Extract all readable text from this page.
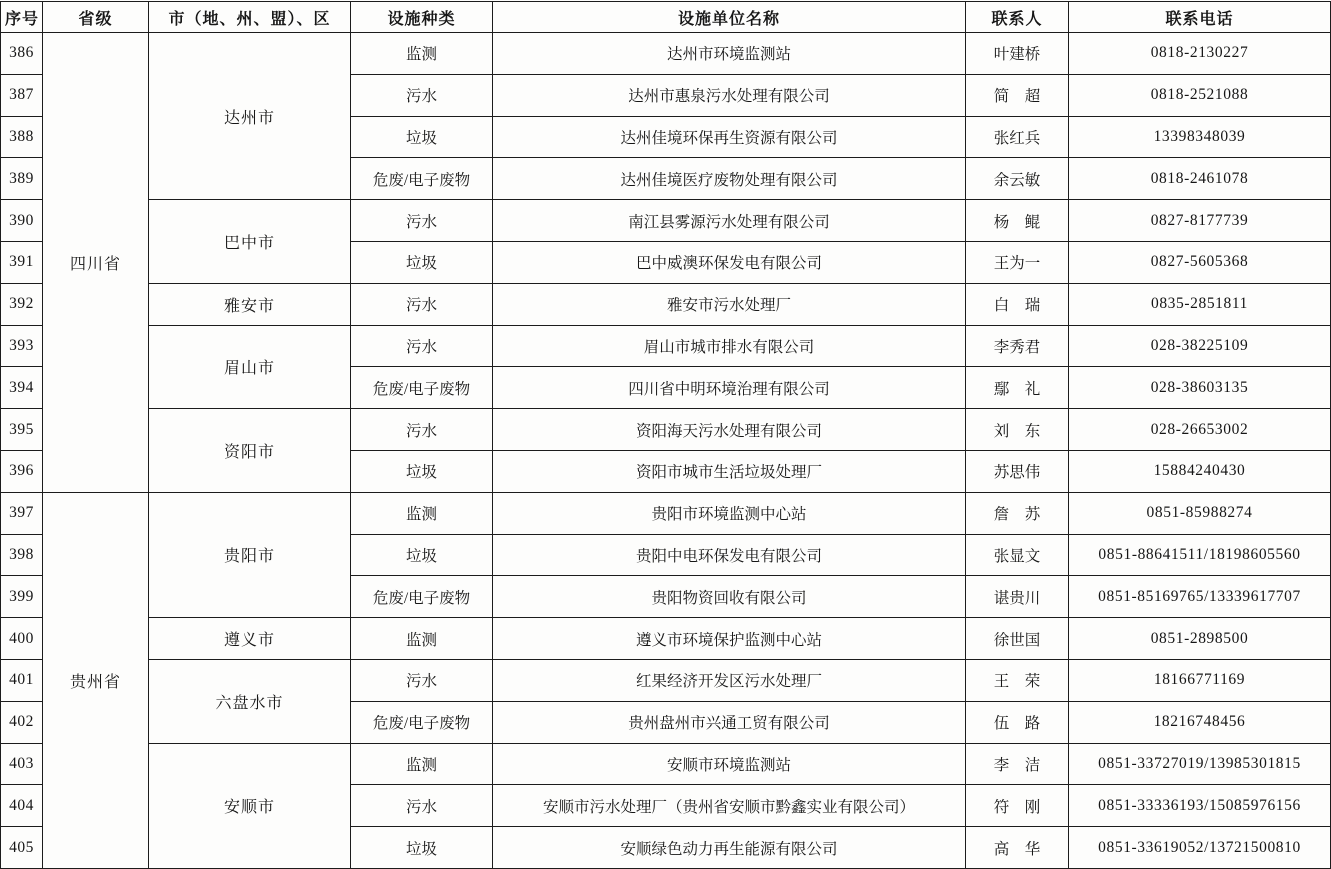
序号	省级	市（地、州、盟）、区	设施种类	设施单位名称	联系人	联系电话
386	四川省	达州市	监测	达州市环境监测站	叶建桥	0818-2130227
387			污水	达州市惠泉污水处理有限公司	简　超	0818-2521088
388			垃圾	达州佳境环保再生资源有限公司	张红兵	13398348039
389			危废/电子废物	达州佳境医疗废物处理有限公司	余云敏	0818-2461078
390		巴中市	污水	南江县雾源污水处理有限公司	杨　鲲	0827-8177739
391			垃圾	巴中威澳环保发电有限公司	王为一	0827-5605368
392		雅安市	污水	雅安市污水处理厂	白　瑞	0835-2851811
393		眉山市	污水	眉山市城市排水有限公司	李秀君	028-38225109
394			危废/电子废物	四川省中明环境治理有限公司	鄢　礼	028-38603135
395		资阳市	污水	资阳海天污水处理有限公司	刘　东	028-26653002
396			垃圾	资阳市城市生活垃圾处理厂	苏思伟	15884240430
397	贵州省	贵阳市	监测	贵阳市环境监测中心站	詹　苏	0851-85988274
398			垃圾	贵阳中电环保发电有限公司	张显文	0851-88641511/18198605560
399			危废/电子废物	贵阳物资回收有限公司	谌贵川	0851-85169765/13339617707
400		遵义市	监测	遵义市环境保护监测中心站	徐世国	0851-2898500
401		六盘水市	污水	红果经济开发区污水处理厂	王　荣	18166771169
402			危废/电子废物	贵州盘州市兴通工贸有限公司	伍　路	18216748456
403		安顺市	监测	安顺市环境监测站	李　洁	0851-33727019/13985301815
404			污水	安顺市污水处理厂（贵州省安顺市黔鑫实业有限公司）	符　刚	0851-33336193/15085976156
405			垃圾	安顺绿色动力再生能源有限公司	高　华	0851-33619052/13721500810
